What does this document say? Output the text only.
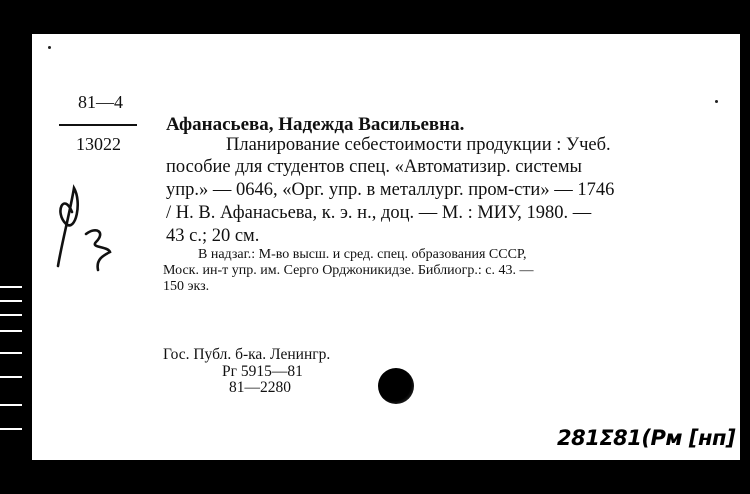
81—4
13022
Афанасьева, Надежда Васильевна.
Планирование себестоимости продукции : Учеб.
пособие для студентов спец. «Автоматизир. системы
упр.» — 0646, «Орг. упр. в металлург. пром-сти» — 1746
/ Н. В. Афанасьева, к. э. н., доц. — М. : МИУ, 1980. —
43 с.; 20 см.
В надзаг.: М-во высш. и сред. спец. образования СССР,
Моск. ин-т упр. им. Серго Орджоникидзе. Библиогр.: с. 43. —
150 экз.
Гос. Публ. б-ка. Ленингр.
Рг 5915—81
81—2280
281Σ81(Рм [нп]
